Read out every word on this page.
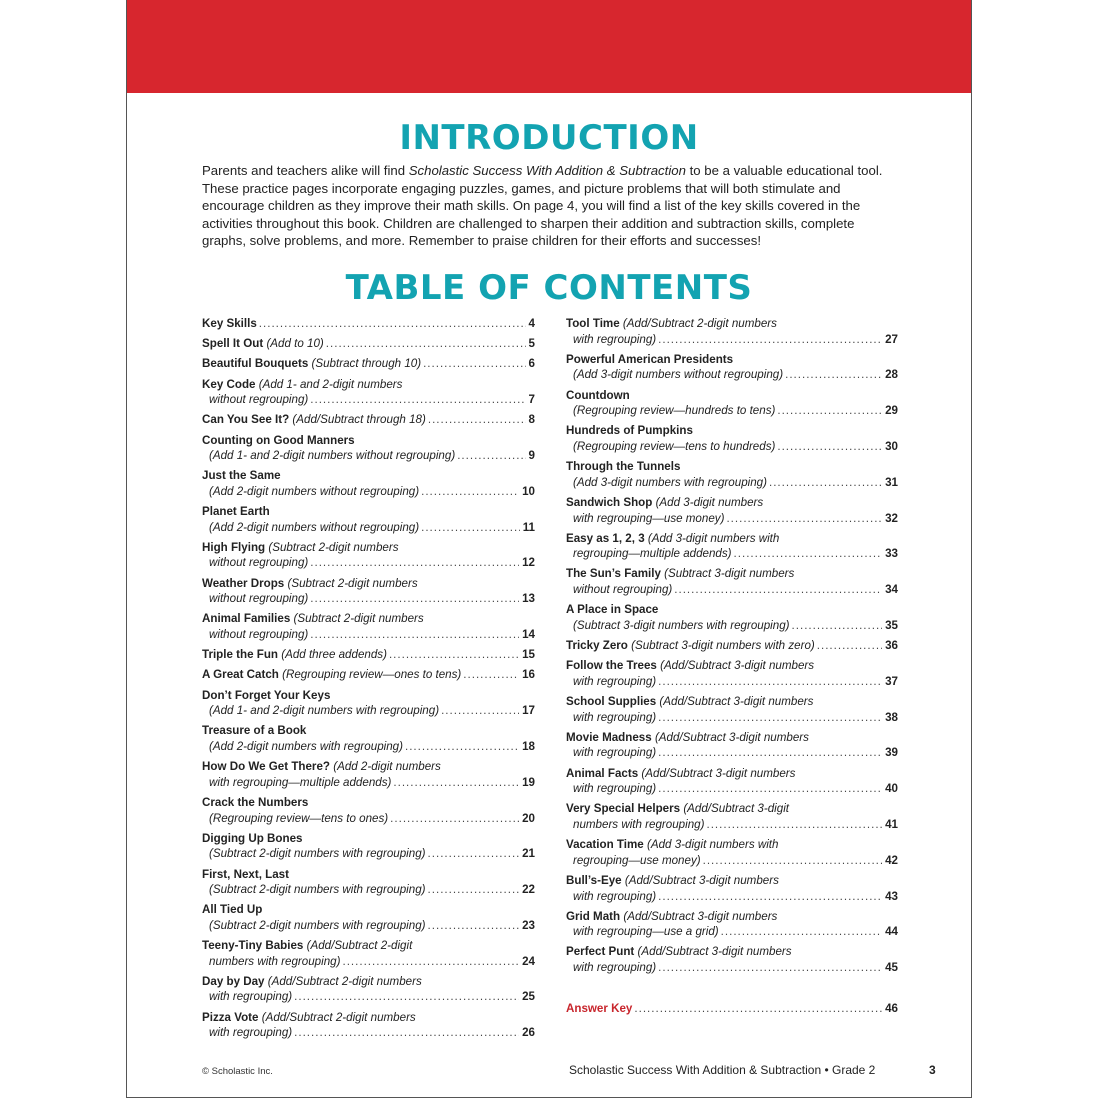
INTRODUCTION
Parents and teachers alike will find Scholastic Success With Addition & Subtraction to be a valuable educational tool. These practice pages incorporate engaging puzzles, games, and picture problems that will both stimulate and encourage children as they improve their math skills. On page 4, you will find a list of the key skills covered in the activities throughout this book. Children are challenged to sharpen their addition and subtraction skills, complete graphs, solve problems, and more. Remember to praise children for their efforts and successes!
TABLE OF CONTENTS
Key Skills .....	4
Spell It Out
(Add to 10) .....	5
Beautiful Bouquets
(Subtract through 10) .....	6
Key Code
(Add 1- and 2-digit numbers
without regrouping) .....	7
Can You See It?
(Add/Subtract through 18) .....	8
Counting on Good Manners
(Add 1- and 2-digit numbers without regrouping) .....	9
Just the Same
(Add 2-digit numbers without regrouping) .....	10
Planet Earth
(Add 2-digit numbers without regrouping) .....	11
High Flying
(Subtract 2-digit numbers
without regrouping) .....	12
Weather Drops
(Subtract 2-digit numbers
without regrouping) .....	13
Animal Families
(Subtract 2-digit numbers
without regrouping) .....	14
Triple the Fun
(Add three addends) .....	15
A Great Catch
(Regrouping review—ones to tens) .....	16
Don’t Forget Your Keys
(Add 1- and 2-digit numbers with regrouping) .....	17
Treasure of a Book
(Add 2-digit numbers with regrouping) .....	18
How Do We Get There?
(Add 2-digit numbers
with regrouping—multiple addends) .....	19
Crack the Numbers
(Regrouping review—tens to ones) .....	20
Digging Up Bones
(Subtract 2-digit numbers with regrouping) .....	21
First, Next, Last
(Subtract 2-digit numbers with regrouping) .....	22
All Tied Up
(Subtract 2-digit numbers with regrouping) .....	23
Teeny-Tiny Babies
(Add/Subtract 2-digit
numbers with regrouping) .....	24
Day by Day
(Add/Subtract 2-digit numbers
with regrouping) .....	25
Pizza Vote
(Add/Subtract 2-digit numbers
with regrouping) .....	26
Tool Time
(Add/Subtract 2-digit numbers
with regrouping) .....	27
Powerful American Presidents
(Add 3-digit numbers without regrouping) .....	28
Countdown
(Regrouping review—hundreds to tens) .....	29
Hundreds of Pumpkins
(Regrouping review—tens to hundreds) .....	30
Through the Tunnels
(Add 3-digit numbers with regrouping) .....	31
Sandwich Shop
(Add 3-digit numbers
with regrouping—use money) .....	32
Easy as 1, 2, 3
(Add 3-digit numbers with
regrouping—multiple addends) .....	33
The Sun’s Family
(Subtract 3-digit numbers
without regrouping) .....	34
A Place in Space
(Subtract 3-digit numbers with regrouping) .....	35
Tricky Zero
(Subtract 3-digit numbers with zero) .....	36
Follow the Trees
(Add/Subtract 3-digit numbers
with regrouping) .....	37
School Supplies
(Add/Subtract 3-digit numbers
with regrouping) .....	38
Movie Madness
(Add/Subtract 3-digit numbers
with regrouping) .....	39
Animal Facts
(Add/Subtract 3-digit numbers
with regrouping) .....	40
Very Special Helpers
(Add/Subtract 3-digit
numbers with regrouping) .....	41
Vacation Time
(Add 3-digit numbers with
regrouping—use money) .....	42
Bull’s-Eye
(Add/Subtract 3-digit numbers
with regrouping) .....	43
Grid Math
(Add/Subtract 3-digit numbers
with regrouping—use a grid) .....	44
Perfect Punt
(Add/Subtract 3-digit numbers
with regrouping) .....	45
Answer Key .....	46
© Scholastic Inc.	Scholastic Success With Addition & Subtraction • Grade 2	3
